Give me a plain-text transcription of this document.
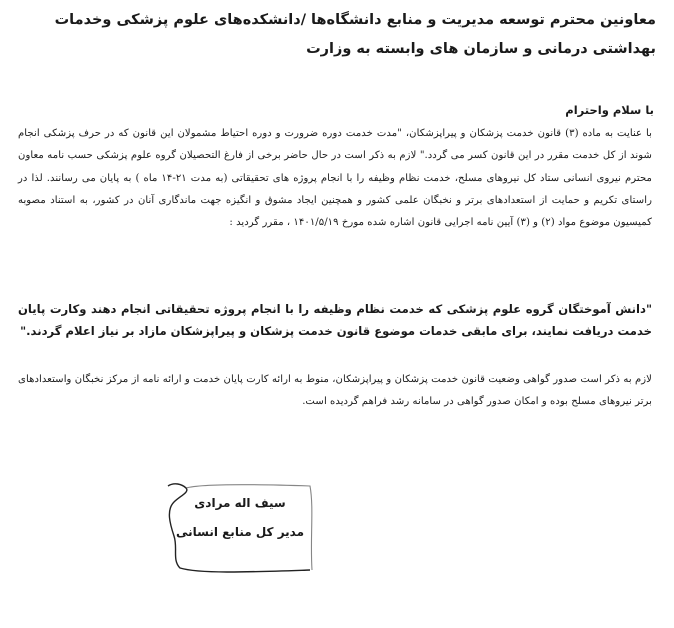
معاونین محترم توسعه مدیریت و منابع دانشگاه‌ها /دانشکده‌های علوم پزشکی وخدمات بهداشتی درمانی و سازمان های وابسته به وزارت
با سلام واحترام
با عنایت به ماده (۳) قانون خدمت پزشکان و پیراپزشکان، "مدت خدمت دوره ضرورت و دوره احتیاط مشمولان این قانون که در حرف پزشکی انجام شوند از کل خدمت مقرر در این قانون کسر می گردد." لازم به ذکر است در حال حاضر برخی از فارغ التحصیلان گروه علوم پزشکی حسب نامه معاون محترم نیروی انسانی ستاد کل نیروهای مسلح، خدمت نظام وظیفه را با انجام پروژه های تحقیقاتی (به مدت ۲۱-۱۴ ماه ) به پایان می رسانند. لذا در راستای تکریم و حمایت از استعدادهای برتر و نخبگان علمی کشور و همچنین ایجاد مشوق و انگیزه جهت ماندگاری آنان در کشور، به استناد مصوبه کمیسیون موضوع مواد (۲) و (۳) آیین نامه اجرایی قانون اشاره شده مورخ ۱۴۰۱/۵/۱۹ ، مقرر گردید :
"دانش آموختگان گروه علوم پزشکی که خدمت نظام وظیفه را با انجام پروژه تحقیقاتی انجام دهند وکارت پایان خدمت دریافت نمایند، برای مابقی خدمات موضوع قانون خدمت پزشکان و پیراپزشکان مازاد بر نیاز اعلام گردند."
لازم به ذکر است صدور گواهی وضعیت قانون خدمت پزشکان و پیراپزشکان، منوط به ارائه کارت پایان خدمت و ارائه نامه از مرکز نخبگان واستعدادهای برتر نیروهای مسلح بوده و امکان صدور گواهی در سامانه رشد فراهم گردیده است.
سیف اله مرادی
مدیر کل منابع انسانی
